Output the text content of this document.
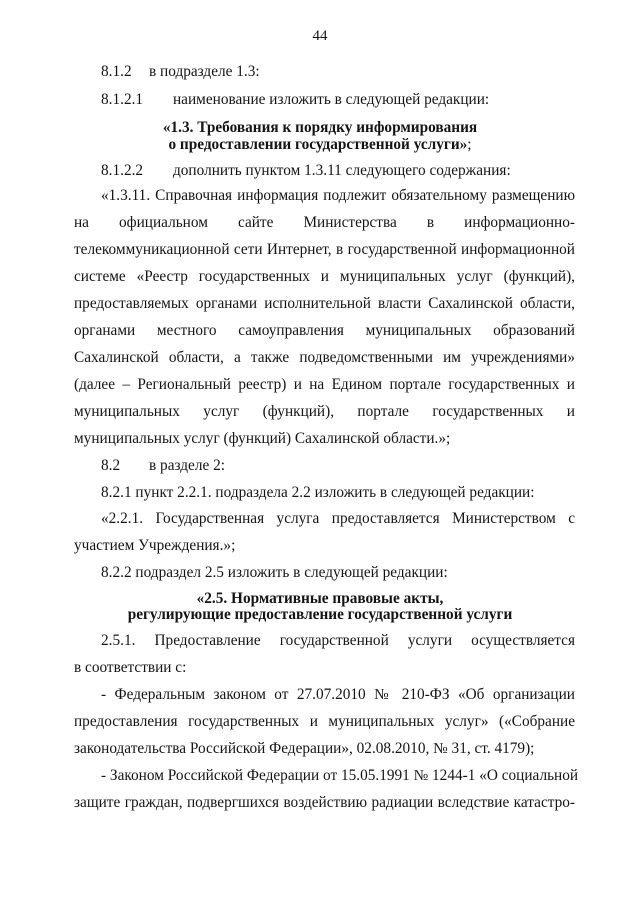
44
8.1.2 в подразделе 1.3:
8.1.2.1 наименование изложить в следующей редакции:
«1.3. Требования к порядку информирования
о предоставлении государственной услуги»;
8.1.2.2 дополнить пунктом 1.3.11 следующего содержания:
«1.3.11. Справочная информация подлежит обязательному размещению
на официальном сайте Министерства в информационно-
телекоммуникационной сети Интернет, в государственной информационной
системе «Реестр государственных и муниципальных услуг (функций),
предоставляемых органами исполнительной власти Сахалинской области,
органами местного самоуправления муниципальных образований
Сахалинской области, а также подведомственными им учреждениями»
(далее – Региональный реестр) и на Едином портале государственных и
муниципальных услуг (функций), портале государственных и
муниципальных услуг (функций) Сахалинской области.»;
8.2 в разделе 2:
8.2.1 пункт 2.2.1. подраздела 2.2 изложить в следующей редакции:
«2.2.1. Государственная услуга предоставляется Министерством с
участием Учреждения.»;
8.2.2 подраздел 2.5 изложить в следующей редакции:
«2.5. Нормативные правовые акты,
регулирующие предоставление государственной услуги
2.5.1. Предоставление государственной услуги осуществляется
в соответствии с:
- Федеральным законом от 27.07.2010 № 210-ФЗ «Об организации
предоставления государственных и муниципальных услуг» («Собрание
законодательства Российской Федерации», 02.08.2010, № 31, ст. 4179);
- Законом Российской Федерации от 15.05.1991 № 1244-1 «О социальной
защите граждан, подвергшихся воздействию радиации вследствие катастро-
